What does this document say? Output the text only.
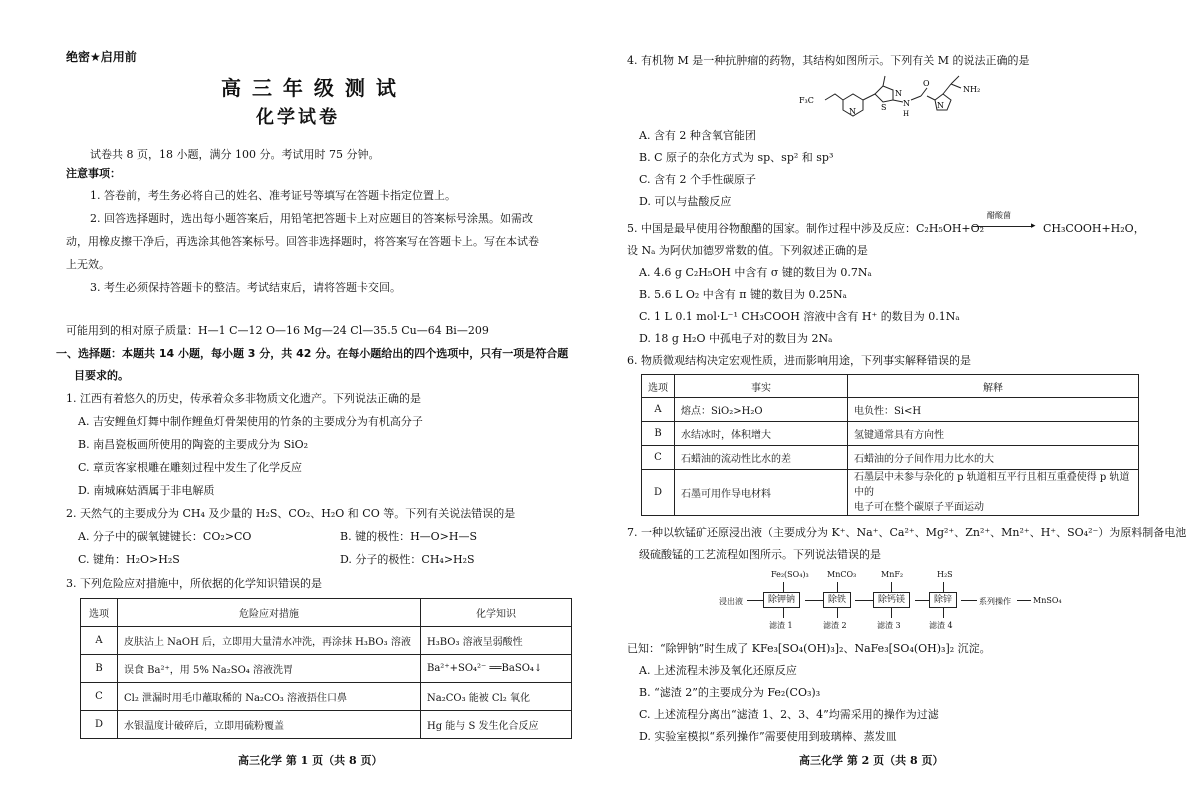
绝密★启用前
高 三 年 级 测 试
化学试卷
试卷共 8 页，18 小题，满分 100 分。考试用时 75 分钟。
注意事项：
1. 答卷前，考生务必将自己的姓名、准考证号等填写在答题卡指定位置上。
2. 回答选择题时，选出每小题答案后，用铅笔把答题卡上对应题目的答案标号涂黑。如需改
动，用橡皮擦干净后，再选涂其他答案标号。回答非选择题时，将答案写在答题卡上。写在本试卷
上无效。
3. 考生必须保持答题卡的整洁。考试结束后，请将答题卡交回。
可能用到的相对原子质量：H—1 C—12 O—16 Mg—24 Cl—35.5 Cu—64 Bi—209
一、选择题：本题共 14 小题，每小题 3 分，共 42 分。在每小题给出的四个选项中，只有一项是符合题
目要求的。
1. 江西有着悠久的历史，传承着众多非物质文化遗产。下列说法正确的是
A. 吉安鲤鱼灯舞中制作鲤鱼灯骨架使用的竹条的主要成分为有机高分子
B. 南昌瓷板画所使用的陶瓷的主要成分为 SiO₂
C. 章贡客家根雕在雕刻过程中发生了化学反应
D. 南城麻姑酒属于非电解质
2. 天然气的主要成分为 CH₄ 及少量的 H₂S、CO₂、H₂O 和 CO 等。下列有关说法错误的是
A. 分子中的碳氧键键长：CO₂>CO	B. 键的极性：H—O>H—S
C. 键角：H₂O>H₂S	D. 分子的极性：CH₄>H₂S
3. 下列危险应对措施中，所依据的化学知识错误的是
选项	危险应对措施	化学知识
A	皮肤沾上 NaOH 后，立即用大量清水冲洗，再涂抹 H₃BO₃ 溶液	H₃BO₃ 溶液呈弱酸性
B	误食 Ba²⁺，用 5% Na₂SO₄ 溶液洗胃	Ba²⁺+SO₄²⁻ ══BaSO₄↓
C	Cl₂ 泄漏时用毛巾蘸取稀的 Na₂CO₃ 溶液捂住口鼻	Na₂CO₃ 能被 Cl₂ 氧化
D	水银温度计破碎后，立即用硫粉覆盖	Hg 能与 S 发生化合反应
高三化学 第 1 页（共 8 页）
4. 有机物 M 是一种抗肿瘤的药物，其结构如图所示。下列有关 M 的说法正确的是
F₃C
N	S
N
N
H
O
N
NH₂
A. 含有 2 种含氧官能团
B. C 原子的杂化方式为 sp、sp² 和 sp³
C. 含有 2 个手性碳原子
D. 可以与盐酸反应
5. 中国是最早使用谷物酿醋的国家。制作过程中涉及反应：C₂H₅OH+O₂
醋酸菌
▸ CH₃COOH+H₂O，
设 Nₐ 为阿伏加德罗常数的值。下列叙述正确的是
A. 4.6 g C₂H₅OH 中含有 σ 键的数目为 0.7Nₐ
B. 5.6 L O₂ 中含有 π 键的数目为 0.25Nₐ
C. 1 L 0.1 mol·L⁻¹ CH₃COOH 溶液中含有 H⁺ 的数目为 0.1Nₐ
D. 18 g H₂O 中孤电子对的数目为 2Nₐ
6. 物质微观结构决定宏观性质，进而影响用途，下列事实解释错误的是
选项	事实	解释
A	熔点：SiO₂>H₂O	电负性：Si<H
B	水结冰时，体积增大	氢键通常具有方向性
C	石蜡油的流动性比水的差	石蜡油的分子间作用力比水的大
D	石墨可用作导电材料	石墨层中未参与杂化的 p 轨道相互平行且相互重叠使得 p 轨道中的
电子可在整个碳原子平面运动
7. 一种以软锰矿还原浸出液（主要成分为 K⁺、Na⁺、Ca²⁺、Mg²⁺、Zn²⁺、Mn²⁺、H⁺、SO₄²⁻）为原料制备电池
级硫酸锰的工艺流程如图所示。下列说法错误的是
Fe₂(SO₄)₃ MnCO₃	MnF₂	H₂S
浸出液	除钾钠	除铁	除钙镁	除锌	系列操作	MnSO₄
滤渣 1	滤渣 2	滤渣 3	滤渣 4
已知：“除钾钠”时生成了 KFe₃[SO₄(OH)₃]₂、NaFe₃[SO₄(OH)₃]₂ 沉淀。
A. 上述流程未涉及氧化还原反应
B. “滤渣 2”的主要成分为 Fe₂(CO₃)₃
C. 上述流程分离出“滤渣 1、2、3、4”均需采用的操作为过滤
D. 实验室模拟“系列操作”需要使用到玻璃棒、蒸发皿
高三化学 第 2 页（共 8 页）
